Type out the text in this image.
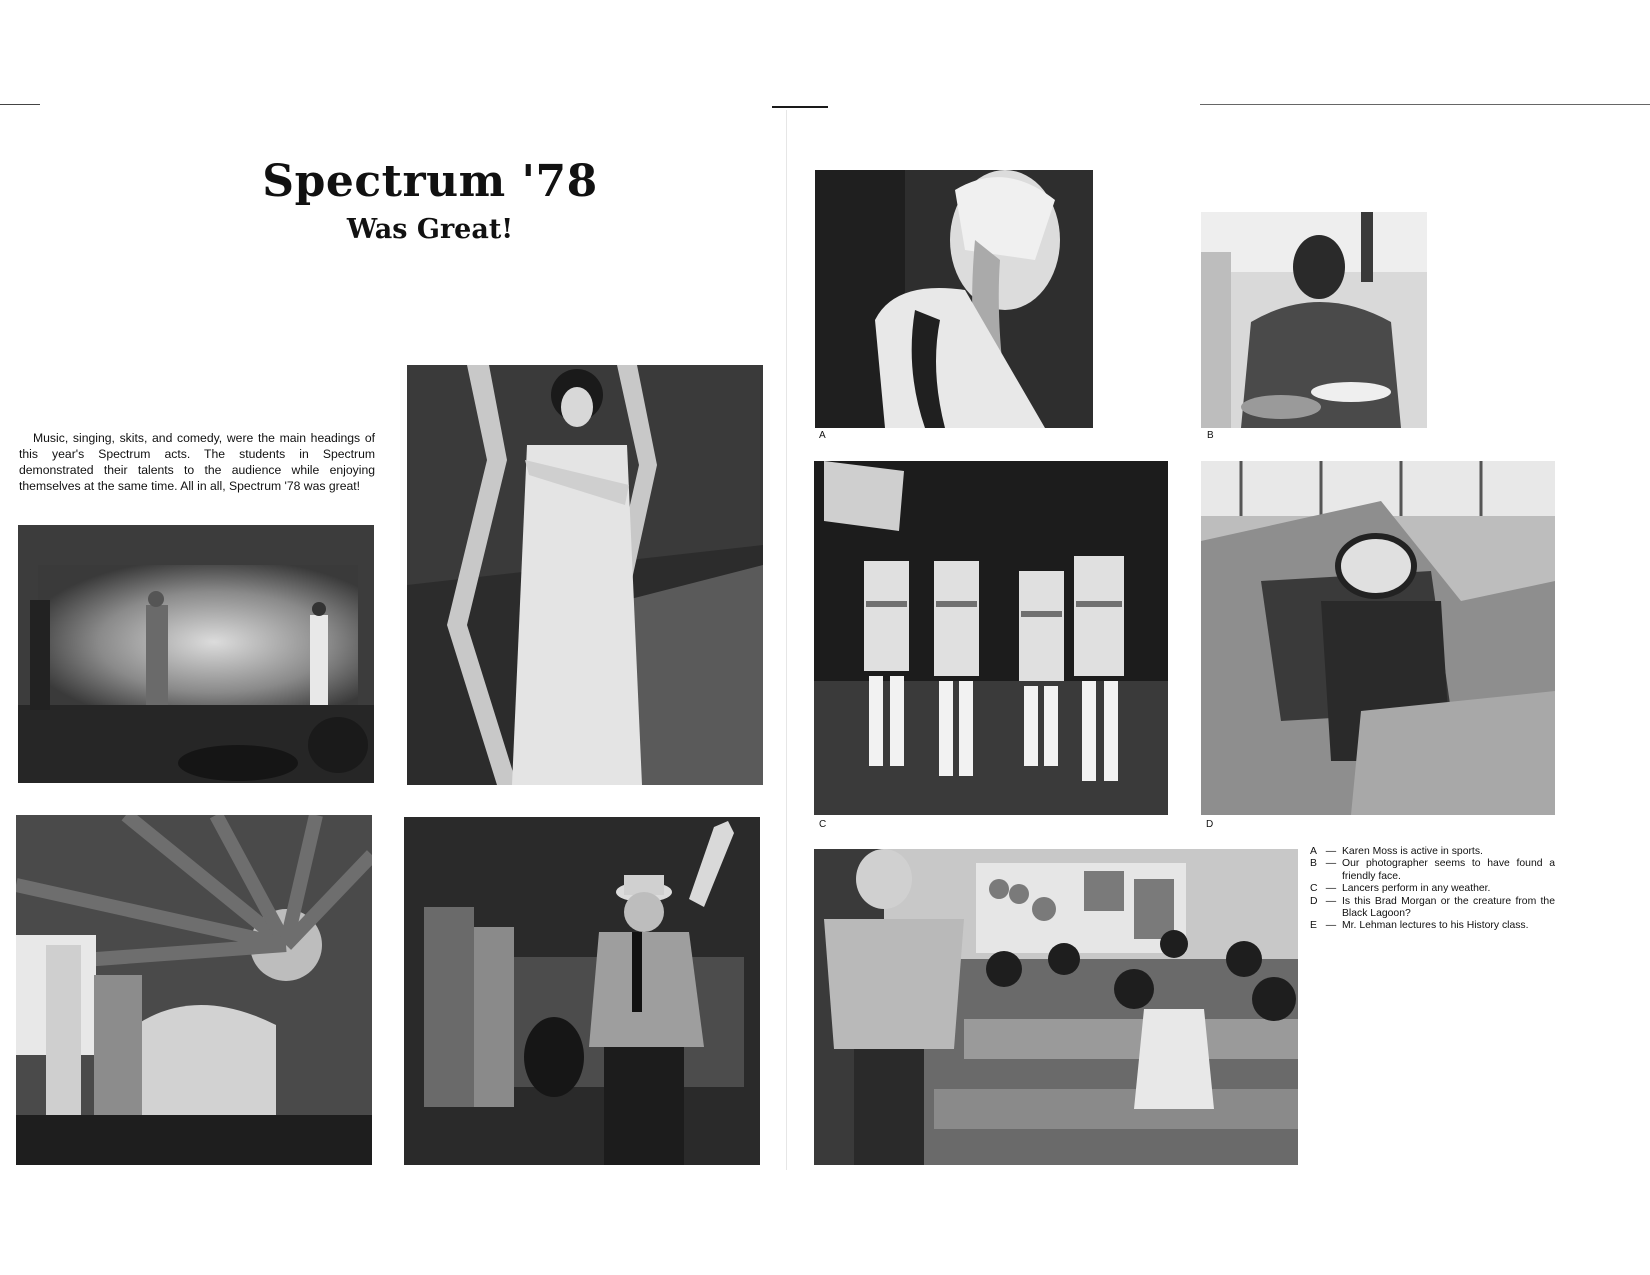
Spectrum '78
Was Great!

Music, singing, skits, and comedy, were the main headings of this year's Spectrum acts. The students in Spectrum demonstrated their talents to the audience while enjoying themselves at the same time. All in all, Spectrum '78 was great!

A	B
C	D
A — Karen Moss is active in sports.
B — Our photographer seems to have found a friendly face.
C — Lancers perform in any weather.
D — Is this Brad Morgan or the creature from the Black Lagoon?
E — Mr. Lehman lectures to his History class.
